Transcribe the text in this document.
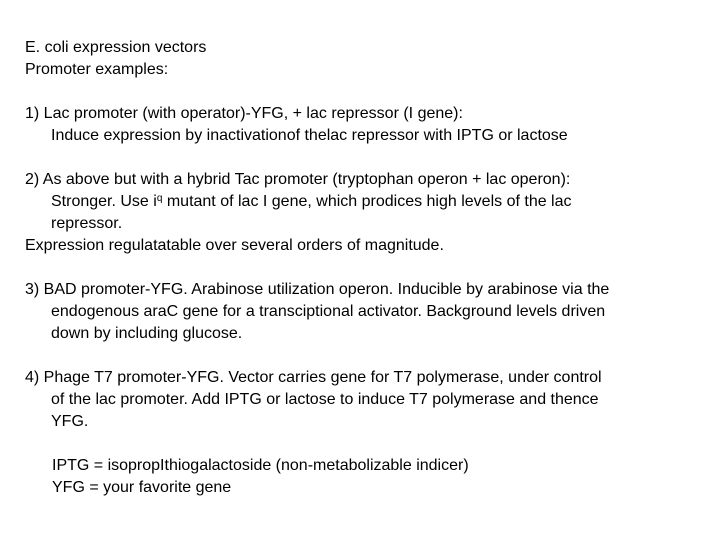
E. coli expression vectors
Promoter examples:
1) Lac promoter (with operator)-YFG, + lac repressor (I gene):
Induce expression by inactivationof thelac repressor with IPTG or lactose
2) As above but with a hybrid Tac promoter (tryptophan operon + lac operon):
Stronger. Use $i^q$ mutant of lac I gene, which prodices high levels of the lac
repressor.
Expression regulatatable over several orders of magnitude.
3) BAD promoter-YFG. Arabinose utilization operon. Inducible by arabinose via the
endogenous araC gene for a transciptional activator. Background levels driven
down by including glucose.
4) Phage T7 promoter-YFG. Vector carries gene for T7 polymerase, under control
of the lac promoter. Add IPTG or lactose to induce T7 polymerase and thence
YFG.
IPTG = isopropIthiogalactoside (non-metabolizable indicer)
YFG = your favorite gene
